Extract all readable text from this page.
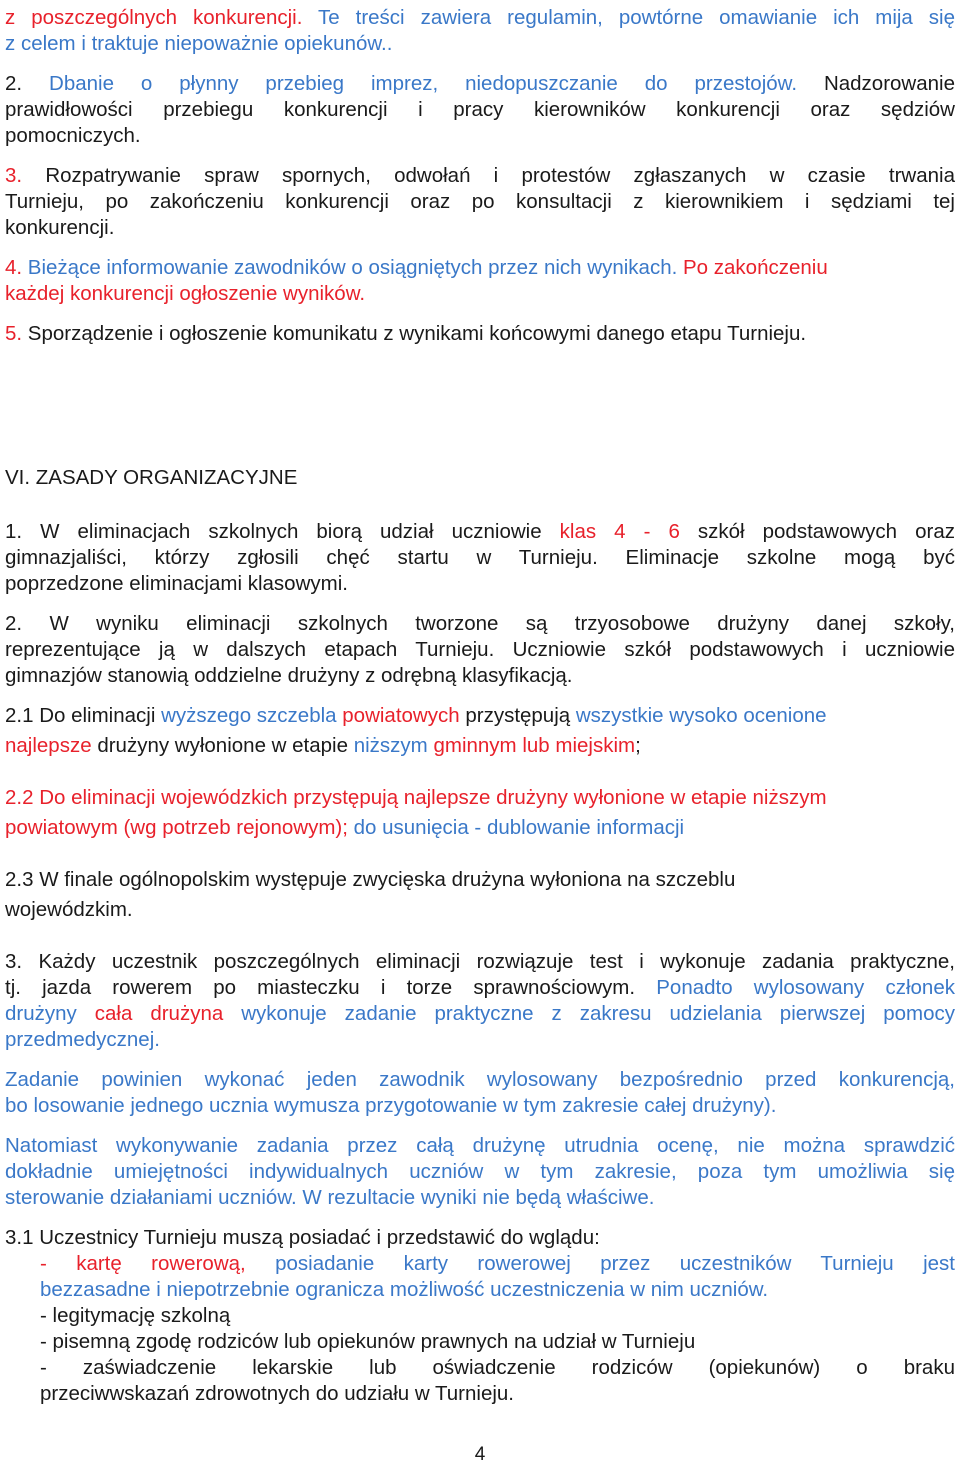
z poszczególnych konkurencji. Te treści zawiera regulamin, powtórne omawianie ich mija się
z celem i traktuje niepoważnie opiekunów..
2. Dbanie o płynny przebieg imprez, niedopuszczanie do przestojów. Nadzorowanie
prawidłowości przebiegu konkurencji i pracy kierowników konkurencji oraz sędziów
pomocniczych.
3. Rozpatrywanie spraw spornych, odwołań i protestów zgłaszanych w czasie trwania
Turnieju, po zakończeniu konkurencji oraz po konsultacji z kierownikiem i sędziami tej
konkurencji.
4. Bieżące informowanie zawodników o osiągniętych przez nich wynikach. Po zakończeniu
każdej konkurencji ogłoszenie wyników.
5. Sporządzenie i ogłoszenie komunikatu z wynikami końcowymi danego etapu Turnieju.
VI. ZASADY ORGANIZACYJNE
1. W eliminacjach szkolnych biorą udział uczniowie klas 4 - 6 szkół podstawowych oraz
gimnazjaliści, którzy zgłosili chęć startu w Turnieju. Eliminacje szkolne mogą być
poprzedzone eliminacjami klasowymi.
2. W wyniku eliminacji szkolnych tworzone są trzyosobowe drużyny danej szkoły,
reprezentujące ją w dalszych etapach Turnieju. Uczniowie szkół podstawowych i uczniowie
gimnazjów stanowią oddzielne drużyny z odrębną klasyfikacją.
2.1 Do eliminacji wyższego szczebla powiatowych przystępują wszystkie wysoko ocenione
najlepsze drużyny wyłonione w etapie niższym gminnym lub miejskim;
2.2 Do eliminacji wojewódzkich przystępują najlepsze drużyny wyłonione w etapie niższym
powiatowym (wg potrzeb rejonowym); do usunięcia - dublowanie informacji
2.3 W finale ogólnopolskim występuje zwycięska drużyna wyłoniona na szczeblu
wojewódzkim.
3. Każdy uczestnik poszczególnych eliminacji rozwiązuje test i wykonuje zadania praktyczne,
tj. jazda rowerem po miasteczku i torze sprawnościowym. Ponadto wylosowany członek
drużyny cała drużyna wykonuje zadanie praktyczne z zakresu udzielania pierwszej pomocy
przedmedycznej.
Zadanie powinien wykonać jeden zawodnik wylosowany bezpośrednio przed konkurencją,
bo losowanie jednego ucznia wymusza przygotowanie w tym zakresie całej drużyny).
Natomiast wykonywanie zadania przez całą drużynę utrudnia ocenę, nie można sprawdzić
dokładnie umiejętności indywidualnych uczniów w tym zakresie, poza tym umożliwia się
sterowanie działaniami uczniów. W rezultacie wyniki nie będą właściwe.
3.1 Uczestnicy Turnieju muszą posiadać i przedstawić do wglądu:
- kartę rowerową, posiadanie karty rowerowej przez uczestników Turnieju jest
bezzasadne i niepotrzebnie ogranicza możliwość uczestniczenia w nim uczniów.
- legitymację szkolną
- pisemną zgodę rodziców lub opiekunów prawnych na udział w Turnieju
- zaświadczenie lekarskie lub oświadczenie rodziców (opiekunów) o braku
przeciwwskazań zdrowotnych do udziału w Turnieju.
4
